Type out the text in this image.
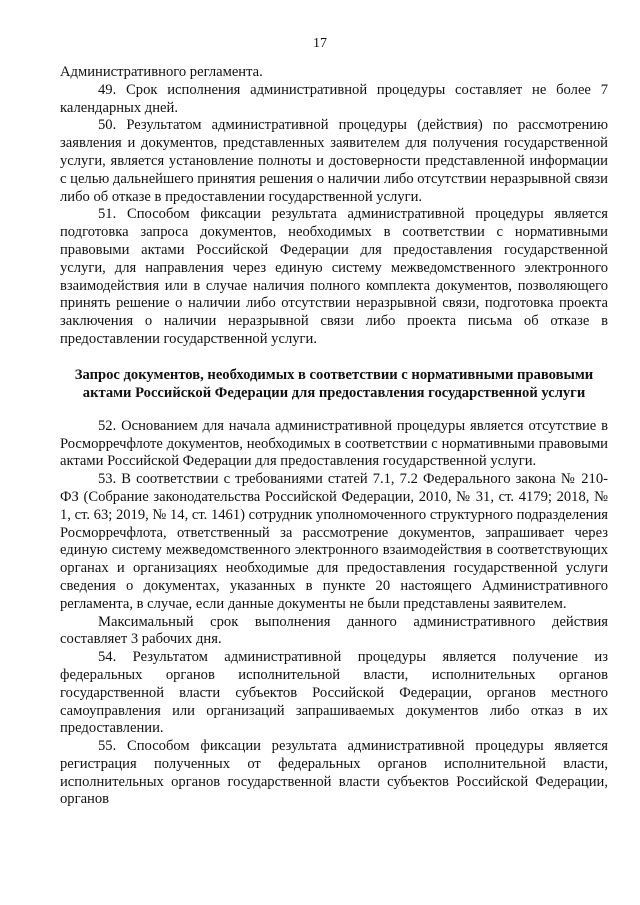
17

Административного регламента.

49. Срок исполнения административной процедуры составляет не более 7 календарных дней.

50. Результатом административной процедуры (действия) по рассмотрению заявления и документов, представленных заявителем для получения государственной услуги, является установление полноты и достоверности представленной информации с целью дальнейшего принятия решения о наличии либо отсутствии неразрывной связи либо об отказе в предоставлении государственной услуги.

51. Способом фиксации результата административной процедуры является подготовка запроса документов, необходимых в соответствии с нормативными правовыми актами Российской Федерации для предоставления государственной услуги, для направления через единую систему межведомственного электронного взаимодействия или в случае наличия полного комплекта документов, позволяющего принять решение о наличии либо отсутствии неразрывной связи, подготовка проекта заключения о наличии неразрывной связи либо проекта письма об отказе в предоставлении государственной услуги.

Запрос документов, необходимых в соответствии с нормативными правовыми актами Российской Федерации для предоставления государственной услуги

52. Основанием для начала административной процедуры является отсутствие в Росморречфлоте документов, необходимых в соответствии с нормативными правовыми актами Российской Федерации для предоставления государственной услуги.

53. В соответствии с требованиями статей 7.1, 7.2 Федерального закона № 210-ФЗ (Собрание законодательства Российской Федерации, 2010, № 31, ст. 4179; 2018, № 1, ст. 63; 2019, № 14, ст. 1461) сотрудник уполномоченного структурного подразделения Росморречфлота, ответственный за рассмотрение документов, запрашивает через единую систему межведомственного электронного взаимодействия в соответствующих органах и организациях необходимые для предоставления государственной услуги сведения о документах, указанных в пункте 20 настоящего Административного регламента, в случае, если данные документы не были представлены заявителем.

Максимальный срок выполнения данного административного действия составляет 3 рабочих дня.

54. Результатом административной процедуры является получение из федеральных органов исполнительной власти, исполнительных органов государственной власти субъектов Российской Федерации, органов местного самоуправления или организаций запрашиваемых документов либо отказ в их предоставлении.

55. Способом фиксации результата административной процедуры является регистрация полученных от федеральных органов исполнительной власти, исполнительных органов государственной власти субъектов Российской Федерации, органов
